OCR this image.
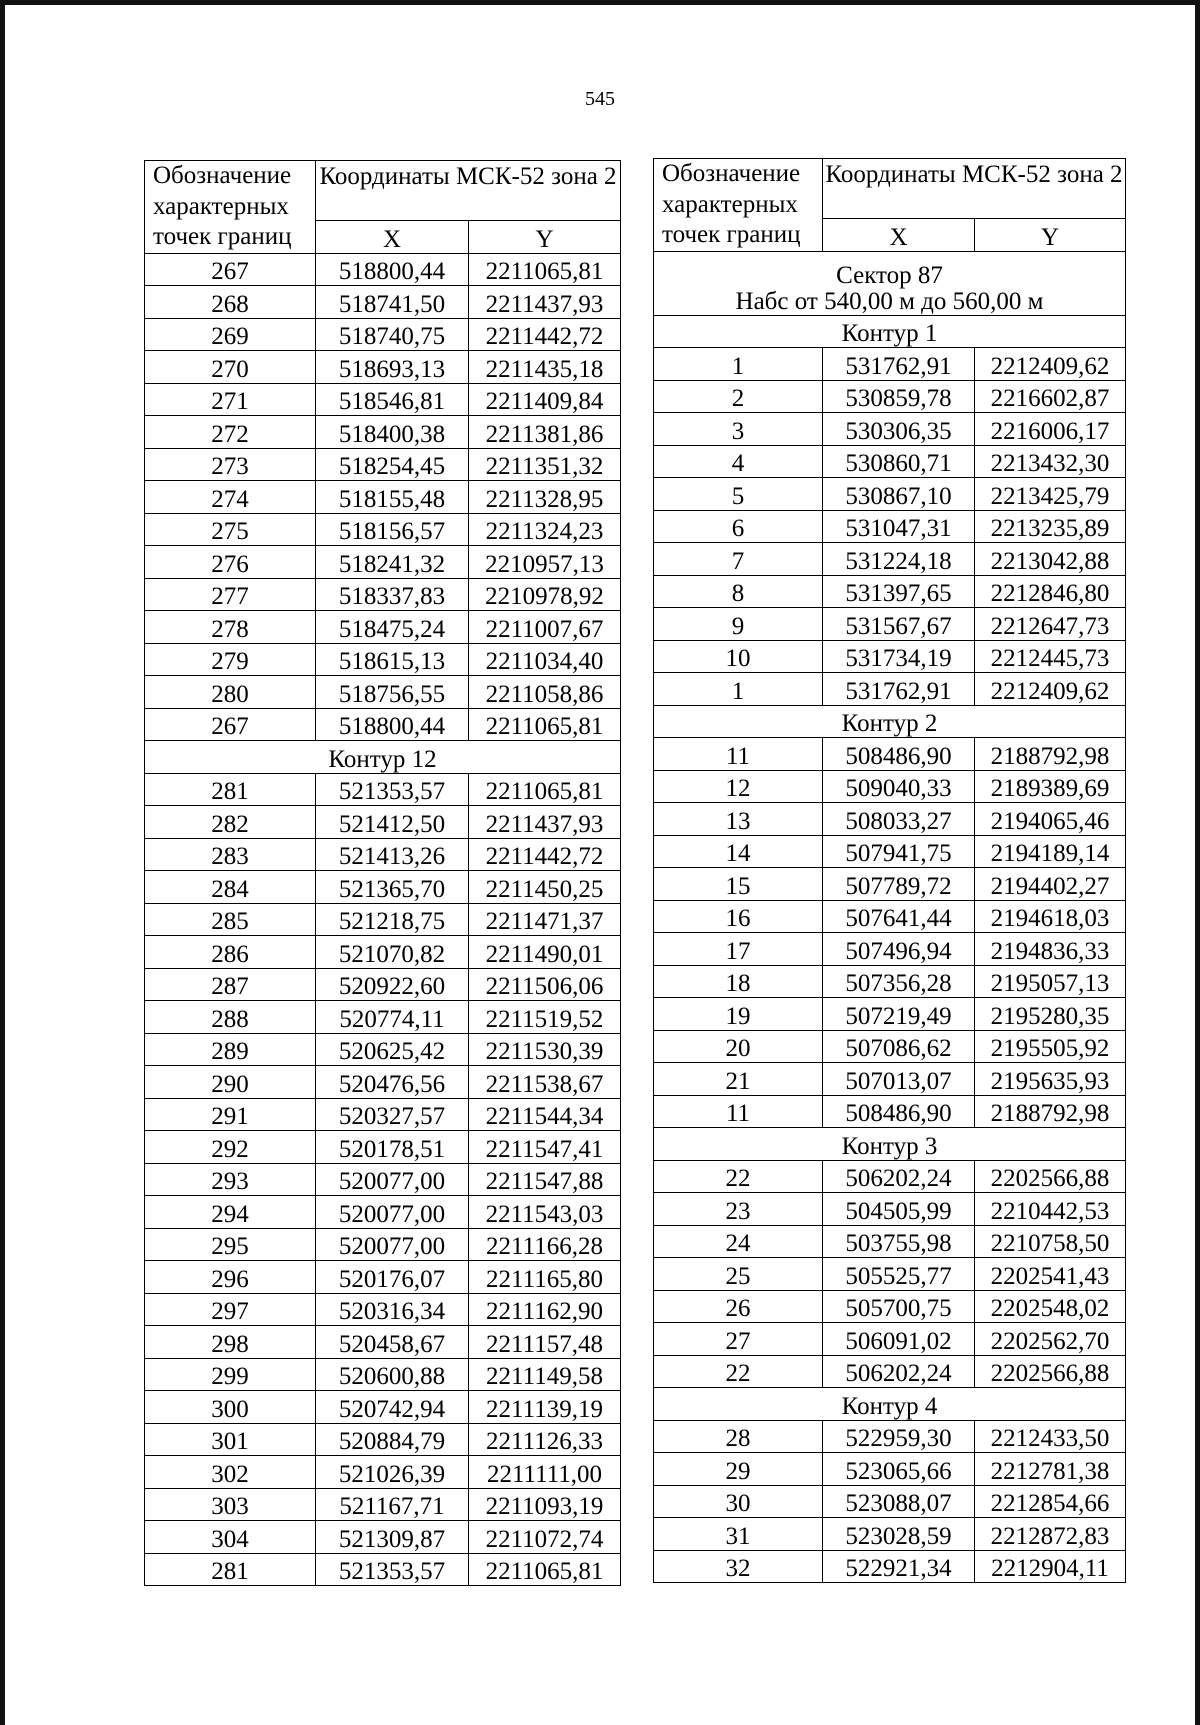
545
Обозначение характерных точек границ	Координаты МСК-52 зона 2	

	X	Y
267	518800,44	2211065,81
268	518741,50	2211437,93
269	518740,75	2211442,72
270	518693,13	2211435,18
271	518546,81	2211409,84
272	518400,38	2211381,86
273	518254,45	2211351,32
274	518155,48	2211328,95
275	518156,57	2211324,23
276	518241,32	2210957,13
277	518337,83	2210978,92
278	518475,24	2211007,67
279	518615,13	2211034,40
280	518756,55	2211058,86
267	518800,44	2211065,81
Контур 12		
281	521353,57	2211065,81
282	521412,50	2211437,93
283	521413,26	2211442,72
284	521365,70	2211450,25
285	521218,75	2211471,37
286	521070,82	2211490,01
287	520922,60	2211506,06
288	520774,11	2211519,52
289	520625,42	2211530,39
290	520476,56	2211538,67
291	520327,57	2211544,34
292	520178,51	2211547,41
293	520077,00	2211547,88
294	520077,00	2211543,03
295	520077,00	2211166,28
296	520176,07	2211165,80
297	520316,34	2211162,90
298	520458,67	2211157,48
299	520600,88	2211149,58
300	520742,94	2211139,19
301	520884,79	2211126,33
302	521026,39	2211111,00
303	521167,71	2211093,19
304	521309,87	2211072,74
281	521353,57	2211065,81
Обозначение характерных точек границ	Координаты МСК-52 зона 2	

	X	Y

Сектор 87
Набс от 540,00 м до 560,00 м		

Контур 1		
1	531762,91	2212409,62
2	530859,78	2216602,87
3	530306,35	2216006,17
4	530860,71	2213432,30
5	530867,10	2213425,79
6	531047,31	2213235,89
7	531224,18	2213042,88
8	531397,65	2212846,80
9	531567,67	2212647,73
10	531734,19	2212445,73
1	531762,91	2212409,62
Контур 2		
11	508486,90	2188792,98
12	509040,33	2189389,69
13	508033,27	2194065,46
14	507941,75	2194189,14
15	507789,72	2194402,27
16	507641,44	2194618,03
17	507496,94	2194836,33
18	507356,28	2195057,13
19	507219,49	2195280,35
20	507086,62	2195505,92
21	507013,07	2195635,93
11	508486,90	2188792,98
Контур 3		
22	506202,24	2202566,88
23	504505,99	2210442,53
24	503755,98	2210758,50
25	505525,77	2202541,43
26	505700,75	2202548,02
27	506091,02	2202562,70
22	506202,24	2202566,88
Контур 4		
28	522959,30	2212433,50
29	523065,66	2212781,38
30	523088,07	2212854,66
31	523028,59	2212872,83
32	522921,34	2212904,11
